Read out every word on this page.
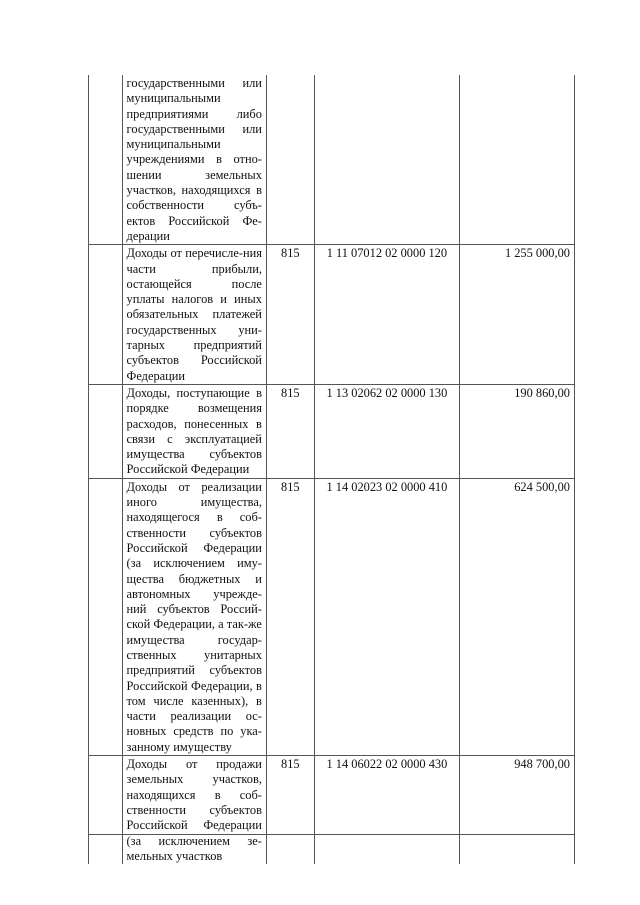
	государственными или муниципальными предприятиями либо государственными или муниципальными учреждениями в отно-шении земельных участков, находящихся в собственности субъ-ектов Российской Фе-дерации			
	Доходы от перечисле-ния части прибыли, остающейся после уплаты налогов и иных обязательных платежей государственных уни-тарных предприятий субъектов Российской Федерации	815	1 11 07012 02 0000 120	1 255 000,00
	Доходы, поступающие в порядке возмещения расходов, понесенных в связи с эксплуатацией имущества субъектов Российской Федерации	815	1 13 02062 02 0000 130	190 860,00
	Доходы от реализации иного имущества, находящегося в соб-ственности субъектов Российской Федерации (за исключением иму-щества бюджетных и автономных учрежде-ний субъектов Россий-ской Федерации, а так-же имущества государ-ственных унитарных предприятий субъектов Российской Федерации, в том числе казенных), в части реализации ос-новных средств по ука-занному имуществу	815	1 14 02023 02 0000 410	624 500,00
	Доходы от продажи земельных участков, находящихся в соб-ственности субъектов Российской Федерации (за исключением зе-мельных участков	815	1 14 06022 02 0000 430	948 700,00
